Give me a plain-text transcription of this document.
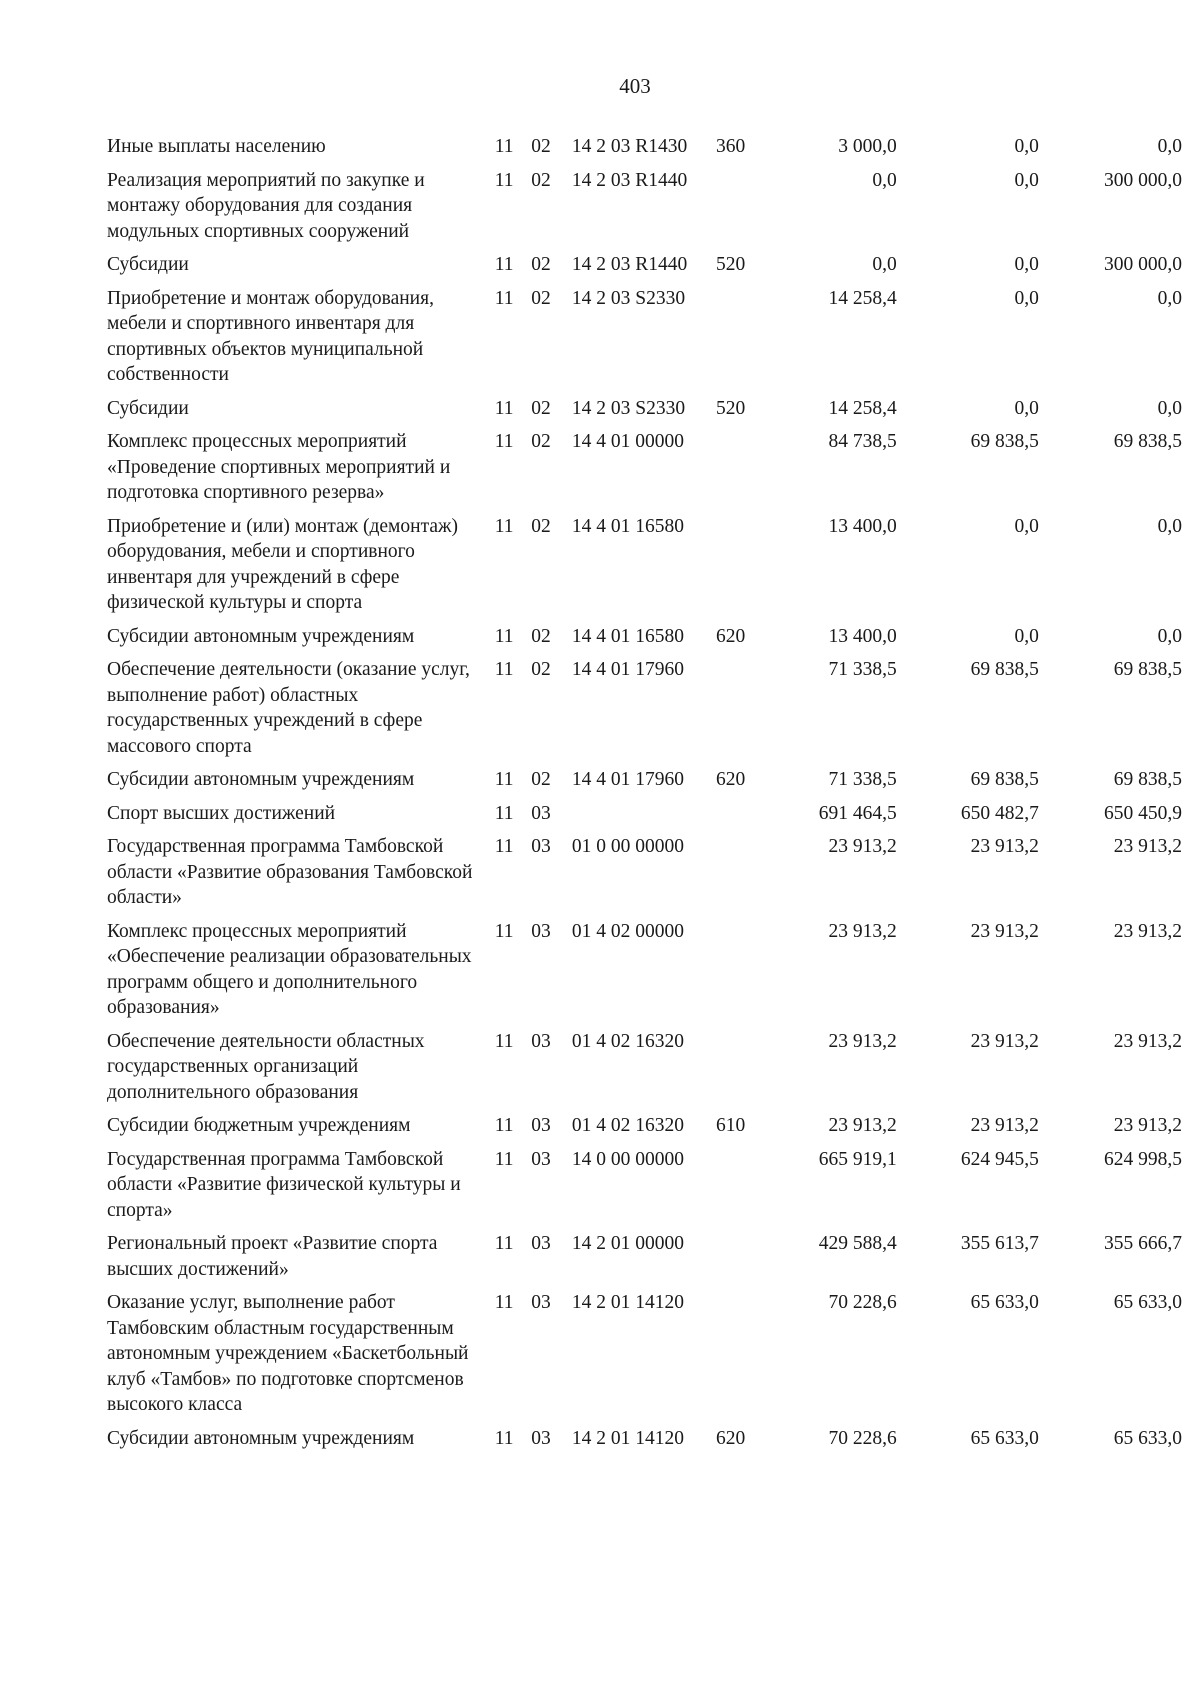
403
Иные выплаты населению	11	02	14 2 03 R1430	360	3 000,0	0,0	0,0
Реализация мероприятий по закупке и монтажу оборудования для создания модульных спортивных сооружений	11	02	14 2 03 R1440		0,0	0,0	300 000,0
Субсидии	11	02	14 2 03 R1440	520	0,0	0,0	300 000,0
Приобретение и монтаж оборудования, мебели и спортивного инвентаря для спортивных объектов муниципальной собственности	11	02	14 2 03 S2330		14 258,4	0,0	0,0
Субсидии	11	02	14 2 03 S2330	520	14 258,4	0,0	0,0
Комплекс процессных мероприятий «Проведение спортивных мероприятий и подготовка спортивного резерва»	11	02	14 4 01 00000		84 738,5	69 838,5	69 838,5
Приобретение и (или) монтаж (демонтаж) оборудования, мебели и спортивного инвентаря для учреждений в сфере физической культуры и спорта	11	02	14 4 01 16580		13 400,0	0,0	0,0
Субсидии автономным учреждениям	11	02	14 4 01 16580	620	13 400,0	0,0	0,0
Обеспечение деятельности (оказание услуг, выполнение работ) областных государственных учреждений в сфере массового спорта	11	02	14 4 01 17960		71 338,5	69 838,5	69 838,5
Субсидии автономным учреждениям	11	02	14 4 01 17960	620	71 338,5	69 838,5	69 838,5
Спорт высших достижений	11	03			691 464,5	650 482,7	650 450,9
Государственная программа Тамбовской области «Развитие образования Тамбовской области»	11	03	01 0 00 00000		23 913,2	23 913,2	23 913,2
Комплекс процессных мероприятий «Обеспечение реализации образовательных программ общего и дополнительного образования»	11	03	01 4 02 00000		23 913,2	23 913,2	23 913,2
Обеспечение деятельности областных государственных организаций дополнительного образования	11	03	01 4 02 16320		23 913,2	23 913,2	23 913,2
Субсидии бюджетным учреждениям	11	03	01 4 02 16320	610	23 913,2	23 913,2	23 913,2
Государственная программа Тамбовской области «Развитие физической культуры и спорта»	11	03	14 0 00 00000		665 919,1	624 945,5	624 998,5
Региональный проект «Развитие спорта высших достижений»	11	03	14 2 01 00000		429 588,4	355 613,7	355 666,7
Оказание услуг, выполнение работ Тамбовским областным государственным автономным учреждением «Баскетбольный клуб «Тамбов» по подготовке спортсменов высокого класса	11	03	14 2 01 14120		70 228,6	65 633,0	65 633,0
Субсидии автономным учреждениям	11	03	14 2 01 14120	620	70 228,6	65 633,0	65 633,0
